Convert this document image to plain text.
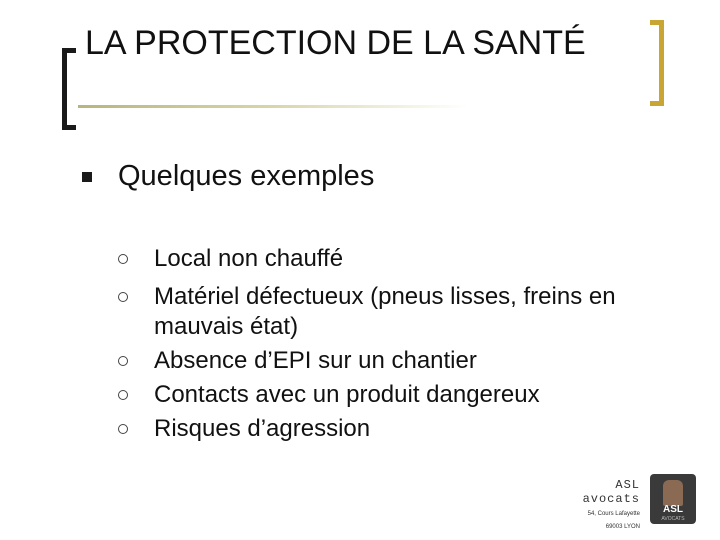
LA PROTECTION DE LA SANTÉ
Quelques exemples
Local non chauffé
Matériel défectueux (pneus lisses, freins en mauvais état)
Absence d’EPI sur un chantier
Contacts avec un produit dangereux
Risques d’agression
ASL
avocats
54, Cours Lafayette
69003 LYON
ASL
AVOCATS
